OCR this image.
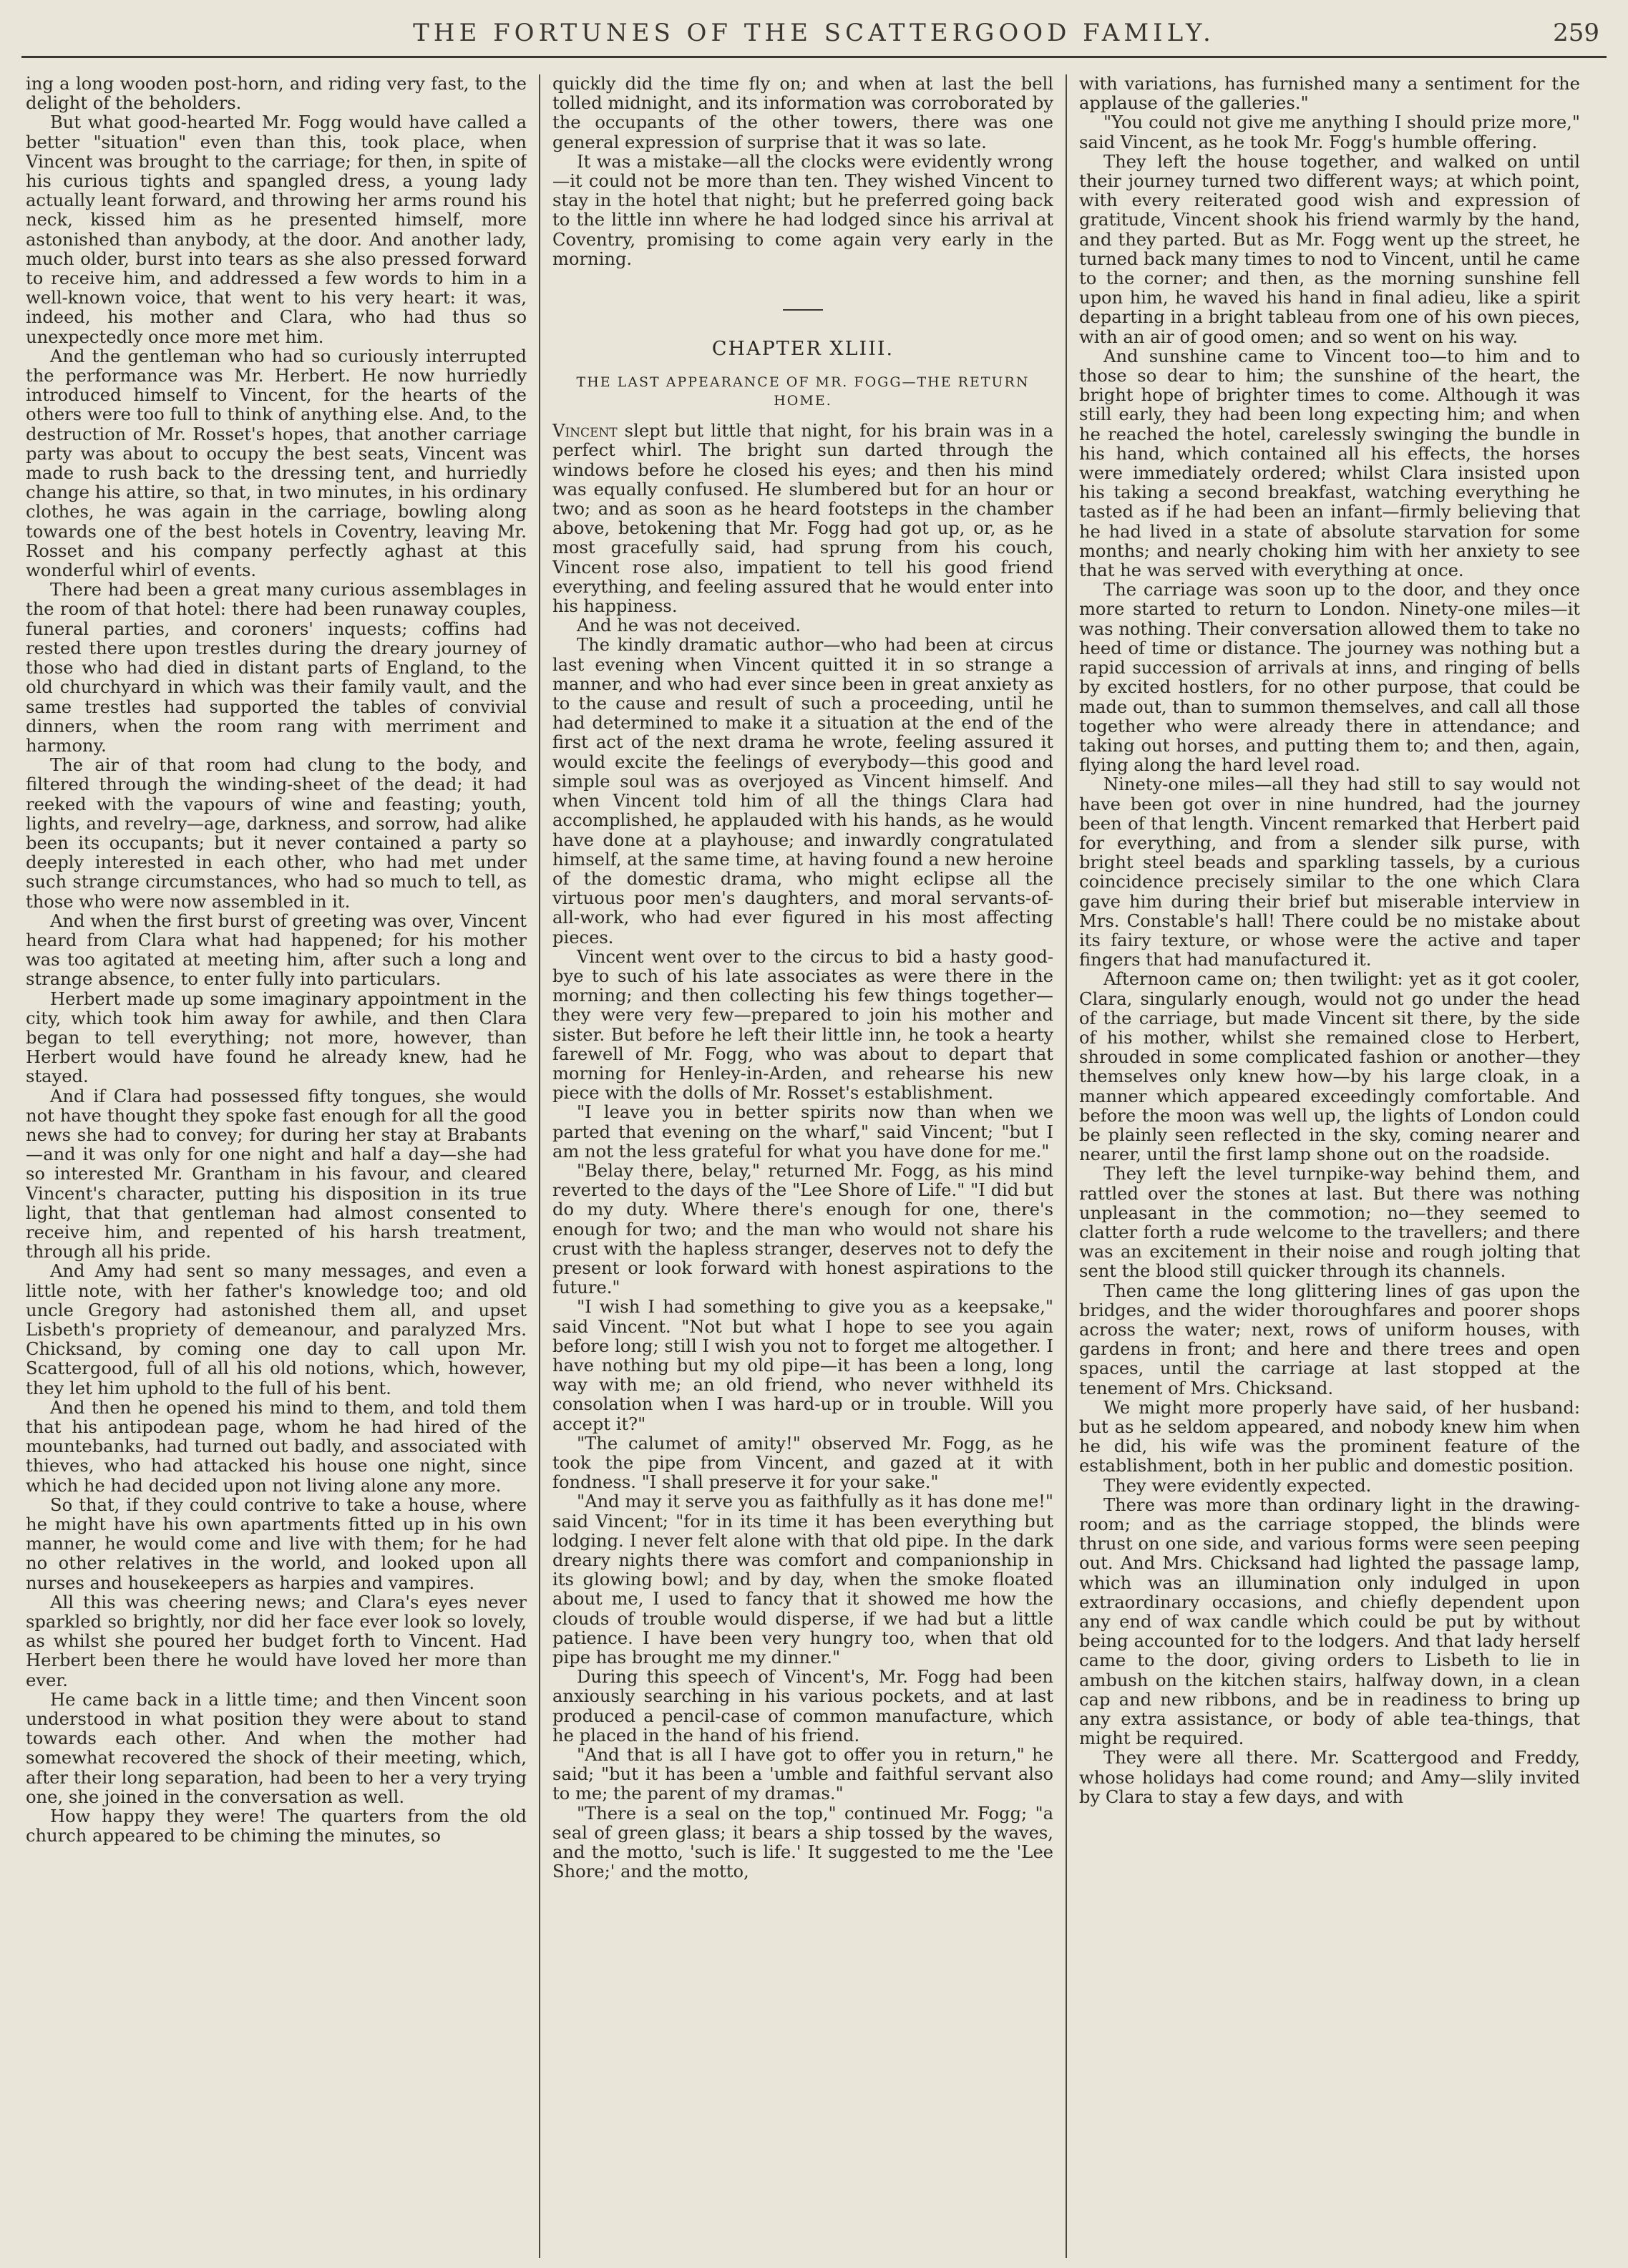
THE FORTUNES OF THE SCATTERGOOD FAMILY.	259

ing a long wooden post-horn, and riding very fast, to the delight of the beholders.

But what good-hearted Mr. Fogg would have called a better "situation" even than this, took place, when Vincent was brought to the carriage; for then, in spite of his curious tights and spangled dress, a young lady actually leant forward, and throwing her arms round his neck, kissed him as he presented himself, more astonished than anybody, at the door. And another lady, much older, burst into tears as she also pressed forward to receive him, and addressed a few words to him in a well-known voice, that went to his very heart: it was, indeed, his mother and Clara, who had thus so unexpectedly once more met him.

And the gentleman who had so curiously interrupted the performance was Mr. Herbert. He now hurriedly introduced himself to Vincent, for the hearts of the others were too full to think of anything else. And, to the destruction of Mr. Rosset's hopes, that another carriage party was about to occupy the best seats, Vincent was made to rush back to the dressing tent, and hurriedly change his attire, so that, in two minutes, in his ordinary clothes, he was again in the carriage, bowling along towards one of the best hotels in Coventry, leaving Mr. Rosset and his company perfectly aghast at this wonderful whirl of events.

There had been a great many curious assemblages in the room of that hotel: there had been runaway couples, funeral parties, and coroners' inquests; coffins had rested there upon trestles during the dreary journey of those who had died in distant parts of England, to the old churchyard in which was their family vault, and the same trestles had supported the tables of convivial dinners, when the room rang with merriment and harmony.

The air of that room had clung to the body, and filtered through the winding-sheet of the dead; it had reeked with the vapours of wine and feasting; youth, lights, and revelry—age, darkness, and sorrow, had alike been its occupants; but it never contained a party so deeply interested in each other, who had met under such strange circumstances, who had so much to tell, as those who were now assembled in it.

And when the first burst of greeting was over, Vincent heard from Clara what had happened; for his mother was too agitated at meeting him, after such a long and strange absence, to enter fully into particulars.

Herbert made up some imaginary appointment in the city, which took him away for awhile, and then Clara began to tell everything; not more, however, than Herbert would have found he already knew, had he stayed.

And if Clara had possessed fifty tongues, she would not have thought they spoke fast enough for all the good news she had to convey; for during her stay at Brabants—and it was only for one night and half a day—she had so interested Mr. Grantham in his favour, and cleared Vincent's character, putting his disposition in its true light, that that gentleman had almost consented to receive him, and repented of his harsh treatment, through all his pride.

And Amy had sent so many messages, and even a little note, with her father's knowledge too; and old uncle Gregory had astonished them all, and upset Lisbeth's propriety of demeanour, and paralyzed Mrs. Chicksand, by coming one day to call upon Mr. Scattergood, full of all his old notions, which, however, they let him uphold to the full of his bent.

And then he opened his mind to them, and told them that his antipodean page, whom he had hired of the mountebanks, had turned out badly, and associated with thieves, who had attacked his house one night, since which he had decided upon not living alone any more.

So that, if they could contrive to take a house, where he might have his own apartments fitted up in his own manner, he would come and live with them; for he had no other relatives in the world, and looked upon all nurses and housekeepers as harpies and vampires.

All this was cheering news; and Clara's eyes never sparkled so brightly, nor did her face ever look so lovely, as whilst she poured her budget forth to Vincent. Had Herbert been there he would have loved her more than ever.

He came back in a little time; and then Vincent soon understood in what position they were about to stand towards each other. And when the mother had somewhat recovered the shock of their meeting, which, after their long separation, had been to her a very trying one, she joined in the conversation as well.

How happy they were! The quarters from the old church appeared to be chiming the minutes, so

quickly did the time fly on; and when at last the bell tolled midnight, and its information was corroborated by the occupants of the other towers, there was one general expression of surprise that it was so late.

It was a mistake—all the clocks were evidently wrong—it could not be more than ten. They wished Vincent to stay in the hotel that night; but he preferred going back to the little inn where he had lodged since his arrival at Coventry, promising to come again very early in the morning.

CHAPTER XLIII.
THE LAST APPEARANCE OF MR. FOGG—THE RETURN HOME.

Vincent slept but little that night, for his brain was in a perfect whirl. The bright sun darted through the windows before he closed his eyes; and then his mind was equally confused. He slumbered but for an hour or two; and as soon as he heard footsteps in the chamber above, betokening that Mr. Fogg had got up, or, as he most gracefully said, had sprung from his couch, Vincent rose also, impatient to tell his good friend everything, and feeling assured that he would enter into his happiness.

And he was not deceived.

The kindly dramatic author—who had been at circus last evening when Vincent quitted it in so strange a manner, and who had ever since been in great anxiety as to the cause and result of such a proceeding, until he had determined to make it a situation at the end of the first act of the next drama he wrote, feeling assured it would excite the feelings of everybody—this good and simple soul was as overjoyed as Vincent himself. And when Vincent told him of all the things Clara had accomplished, he applauded with his hands, as he would have done at a playhouse; and inwardly congratulated himself, at the same time, at having found a new heroine of the domestic drama, who might eclipse all the virtuous poor men's daughters, and moral servants-of-all-work, who had ever figured in his most affecting pieces.

Vincent went over to the circus to bid a hasty good-bye to such of his late associates as were there in the morning; and then collecting his few things together—they were very few—prepared to join his mother and sister. But before he left their little inn, he took a hearty farewell of Mr. Fogg, who was about to depart that morning for Henley-in-Arden, and rehearse his new piece with the dolls of Mr. Rosset's establishment.

"I leave you in better spirits now than when we parted that evening on the wharf," said Vincent; "but I am not the less grateful for what you have done for me."

"Belay there, belay," returned Mr. Fogg, as his mind reverted to the days of the "Lee Shore of Life." "I did but do my duty. Where there's enough for one, there's enough for two; and the man who would not share his crust with the hapless stranger, deserves not to defy the present or look forward with honest aspirations to the future."

"I wish I had something to give you as a keepsake," said Vincent. "Not but what I hope to see you again before long; still I wish you not to forget me altogether. I have nothing but my old pipe—it has been a long, long way with me; an old friend, who never withheld its consolation when I was hard-up or in trouble. Will you accept it?"

"The calumet of amity!" observed Mr. Fogg, as he took the pipe from Vincent, and gazed at it with fondness. "I shall preserve it for your sake."

"And may it serve you as faithfully as it has done me!" said Vincent; "for in its time it has been everything but lodging. I never felt alone with that old pipe. In the dark dreary nights there was comfort and companionship in its glowing bowl; and by day, when the smoke floated about me, I used to fancy that it showed me how the clouds of trouble would disperse, if we had but a little patience. I have been very hungry too, when that old pipe has brought me my dinner."

During this speech of Vincent's, Mr. Fogg had been anxiously searching in his various pockets, and at last produced a pencil-case of common manufacture, which he placed in the hand of his friend.

"And that is all I have got to offer you in return," he said; "but it has been a 'umble and faithful servant also to me; the parent of my dramas."

"There is a seal on the top," continued Mr. Fogg; "a seal of green glass; it bears a ship tossed by the waves, and the motto, 'such is life.' It suggested to me the 'Lee Shore;' and the motto,

with variations, has furnished many a sentiment for the applause of the galleries."

"You could not give me anything I should prize more," said Vincent, as he took Mr. Fogg's humble offering.

They left the house together, and walked on until their journey turned two different ways; at which point, with every reiterated good wish and expression of gratitude, Vincent shook his friend warmly by the hand, and they parted. But as Mr. Fogg went up the street, he turned back many times to nod to Vincent, until he came to the corner; and then, as the morning sunshine fell upon him, he waved his hand in final adieu, like a spirit departing in a bright tableau from one of his own pieces, with an air of good omen; and so went on his way.

And sunshine came to Vincent too—to him and to those so dear to him; the sunshine of the heart, the bright hope of brighter times to come. Although it was still early, they had been long expecting him; and when he reached the hotel, carelessly swinging the bundle in his hand, which contained all his effects, the horses were immediately ordered; whilst Clara insisted upon his taking a second breakfast, watching everything he tasted as if he had been an infant—firmly believing that he had lived in a state of absolute starvation for some months; and nearly choking him with her anxiety to see that he was served with everything at once.

The carriage was soon up to the door, and they once more started to return to London. Ninety-one miles—it was nothing. Their conversation allowed them to take no heed of time or distance. The journey was nothing but a rapid succession of arrivals at inns, and ringing of bells by excited hostlers, for no other purpose, that could be made out, than to summon themselves, and call all those together who were already there in attendance; and taking out horses, and putting them to; and then, again, flying along the hard level road.

Ninety-one miles—all they had still to say would not have been got over in nine hundred, had the journey been of that length. Vincent remarked that Herbert paid for everything, and from a slender silk purse, with bright steel beads and sparkling tassels, by a curious coincidence precisely similar to the one which Clara gave him during their brief but miserable interview in Mrs. Constable's hall! There could be no mistake about its fairy texture, or whose were the active and taper fingers that had manufactured it.

Afternoon came on; then twilight: yet as it got cooler, Clara, singularly enough, would not go under the head of the carriage, but made Vincent sit there, by the side of his mother, whilst she remained close to Herbert, shrouded in some complicated fashion or another—they themselves only knew how—by his large cloak, in a manner which appeared exceedingly comfortable. And before the moon was well up, the lights of London could be plainly seen reflected in the sky, coming nearer and nearer, until the first lamp shone out on the roadside.

They left the level turnpike-way behind them, and rattled over the stones at last. But there was nothing unpleasant in the commotion; no—they seemed to clatter forth a rude welcome to the travellers; and there was an excitement in their noise and rough jolting that sent the blood still quicker through its channels.

Then came the long glittering lines of gas upon the bridges, and the wider thoroughfares and poorer shops across the water; next, rows of uniform houses, with gardens in front; and here and there trees and open spaces, until the carriage at last stopped at the tenement of Mrs. Chicksand.

We might more properly have said, of her husband: but as he seldom appeared, and nobody knew him when he did, his wife was the prominent feature of the establishment, both in her public and domestic position.

They were evidently expected.

There was more than ordinary light in the drawing-room; and as the carriage stopped, the blinds were thrust on one side, and various forms were seen peeping out. And Mrs. Chicksand had lighted the passage lamp, which was an illumination only indulged in upon extraordinary occasions, and chiefly dependent upon any end of wax candle which could be put by without being accounted for to the lodgers. And that lady herself came to the door, giving orders to Lisbeth to lie in ambush on the kitchen stairs, halfway down, in a clean cap and new ribbons, and be in readiness to bring up any extra assistance, or body of able tea-things, that might be required.

They were all there. Mr. Scattergood and Freddy, whose holidays had come round; and Amy—slily invited by Clara to stay a few days, and with
